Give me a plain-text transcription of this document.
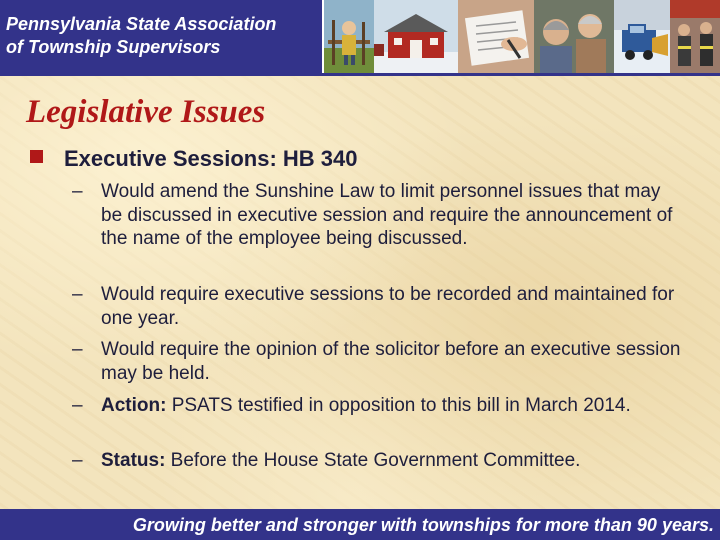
Pennsylvania State Association
of Township Supervisors
Legislative Issues
Executive Sessions: HB 340
– Would amend the Sunshine Law to limit personnel issues that may be discussed in executive session and require the announcement of the name of the employee being discussed.
– Would require executive sessions to be recorded and maintained for one year.
– Would require the opinion of the solicitor before an executive session may be held.
– Action: PSATS testified in opposition to this bill in March 2014.
– Status: Before the House State Government Committee.
Growing better and stronger with townships for more than 90 years.
